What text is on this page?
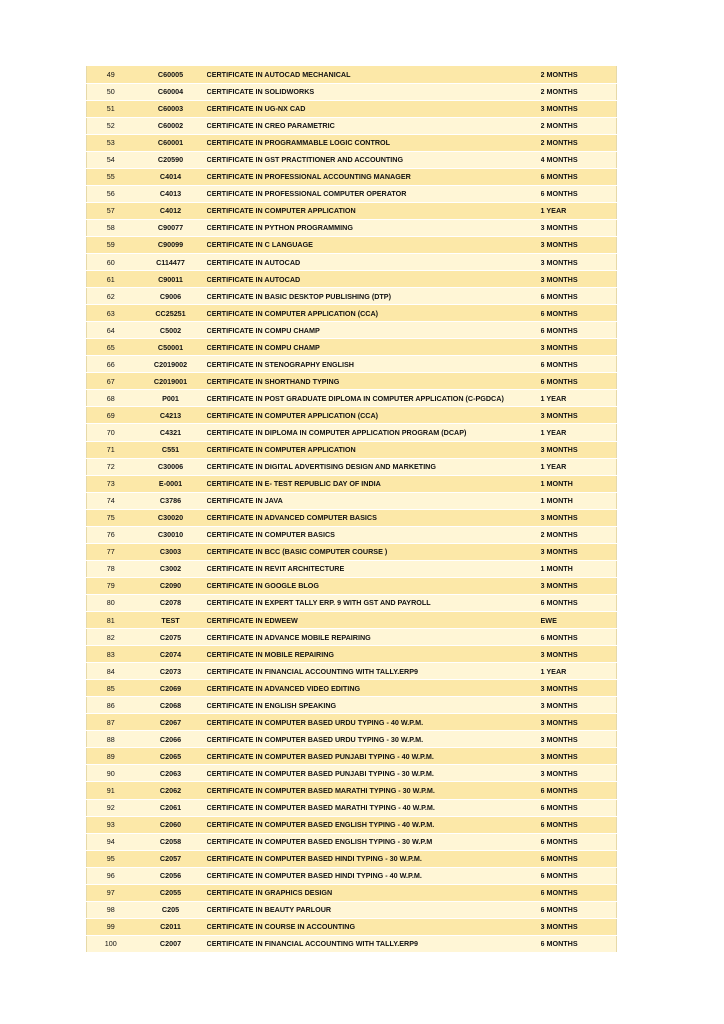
49	C60005	CERTIFICATE IN AUTOCAD MECHANICAL	2 MONTHS
50	C60004	CERTIFICATE IN SOLIDWORKS	2 MONTHS
51	C60003	CERTIFICATE IN UG-NX CAD	3 MONTHS
52	C60002	CERTIFICATE IN CREO PARAMETRIC	2 MONTHS
53	C60001	CERTIFICATE IN PROGRAMMABLE LOGIC CONTROL	2 MONTHS
54	C20590	CERTIFICATE IN GST PRACTITIONER AND ACCOUNTING	4 MONTHS
55	C4014	CERTIFICATE IN PROFESSIONAL ACCOUNTING MANAGER	6 MONTHS
56	C4013	CERTIFICATE IN PROFESSIONAL COMPUTER OPERATOR	6 MONTHS
57	C4012	CERTIFICATE IN COMPUTER APPLICATION	1 YEAR
58	C90077	CERTIFICATE IN PYTHON PROGRAMMING	3 MONTHS
59	C90099	CERTIFICATE IN C LANGUAGE	3 MONTHS
60	C114477	CERTIFICATE IN AUTOCAD	3 MONTHS
61	C90011	CERTIFICATE IN AUTOCAD	3 MONTHS
62	C9006	CERTIFICATE IN BASIC DESKTOP PUBLISHING (DTP)	6 MONTHS
63	CC25251	CERTIFICATE IN COMPUTER APPLICATION (CCA)	6 MONTHS
64	C5002	CERTIFICATE IN COMPU CHAMP	6 MONTHS
65	C50001	CERTIFICATE IN COMPU CHAMP	3 MONTHS
66	C2019002	CERTIFICATE IN STENOGRAPHY ENGLISH	6 MONTHS
67	C2019001	CERTIFICATE IN SHORTHAND TYPING	6 MONTHS
68	P001	CERTIFICATE IN POST GRADUATE DIPLOMA IN COMPUTER APPLICATION (C-PGDCA)	1 YEAR
69	C4213	CERTIFICATE IN COMPUTER APPLICATION (CCA)	3 MONTHS
70	C4321	CERTIFICATE IN DIPLOMA IN COMPUTER APPLICATION PROGRAM (DCAP)	1 YEAR
71	C551	CERTIFICATE IN COMPUTER APPLICATION	3 MONTHS
72	C30006	CERTIFICATE IN DIGITAL ADVERTISING DESIGN AND MARKETING	1 YEAR
73	E-0001	CERTIFICATE IN E- TEST REPUBLIC DAY OF INDIA	1 MONTH
74	C3786	CERTIFICATE IN JAVA	1 MONTH
75	C30020	CERTIFICATE IN ADVANCED COMPUTER BASICS	3 MONTHS
76	C30010	CERTIFICATE IN COMPUTER BASICS	2 MONTHS
77	C3003	CERTIFICATE IN BCC (BASIC COMPUTER COURSE )	3 MONTHS
78	C3002	CERTIFICATE IN REVIT ARCHITECTURE	1 MONTH
79	C2090	CERTIFICATE IN GOOGLE BLOG	3 MONTHS
80	C2078	CERTIFICATE IN EXPERT TALLY ERP. 9 WITH GST AND PAYROLL	6 MONTHS
81	TEST	CERTIFICATE IN EDWEEW	EWE
82	C2075	CERTIFICATE IN ADVANCE MOBILE REPAIRING	6 MONTHS
83	C2074	CERTIFICATE IN MOBILE REPAIRING	3 MONTHS
84	C2073	CERTIFICATE IN FINANCIAL ACCOUNTING WITH TALLY.ERP9	1 YEAR
85	C2069	CERTIFICATE IN ADVANCED VIDEO EDITING	3 MONTHS
86	C2068	CERTIFICATE IN ENGLISH SPEAKING	3 MONTHS
87	C2067	CERTIFICATE IN COMPUTER BASED URDU TYPING - 40 W.P.M.	3 MONTHS
88	C2066	CERTIFICATE IN COMPUTER BASED URDU TYPING - 30 W.P.M.	3 MONTHS
89	C2065	CERTIFICATE IN COMPUTER BASED PUNJABI TYPING - 40 W.P.M.	3 MONTHS
90	C2063	CERTIFICATE IN COMPUTER BASED PUNJABI TYPING - 30 W.P.M.	3 MONTHS
91	C2062	CERTIFICATE IN COMPUTER BASED MARATHI TYPING - 30 W.P.M.	6 MONTHS
92	C2061	CERTIFICATE IN COMPUTER BASED MARATHI TYPING - 40 W.P.M.	6 MONTHS
93	C2060	CERTIFICATE IN COMPUTER BASED ENGLISH TYPING - 40 W.P.M.	6 MONTHS
94	C2058	CERTIFICATE IN COMPUTER BASED ENGLISH TYPING - 30 W.P.M	6 MONTHS
95	C2057	CERTIFICATE IN COMPUTER BASED HINDI TYPING - 30 W.P.M.	6 MONTHS
96	C2056	CERTIFICATE IN COMPUTER BASED HINDI TYPING - 40 W.P.M.	6 MONTHS
97	C2055	CERTIFICATE IN GRAPHICS DESIGN	6 MONTHS
98	C205	CERTIFICATE IN BEAUTY PARLOUR	6 MONTHS
99	C2011	CERTIFICATE IN COURSE IN ACCOUNTING	3 MONTHS
100	C2007	CERTIFICATE IN FINANCIAL ACCOUNTING WITH TALLY.ERP9	6 MONTHS
